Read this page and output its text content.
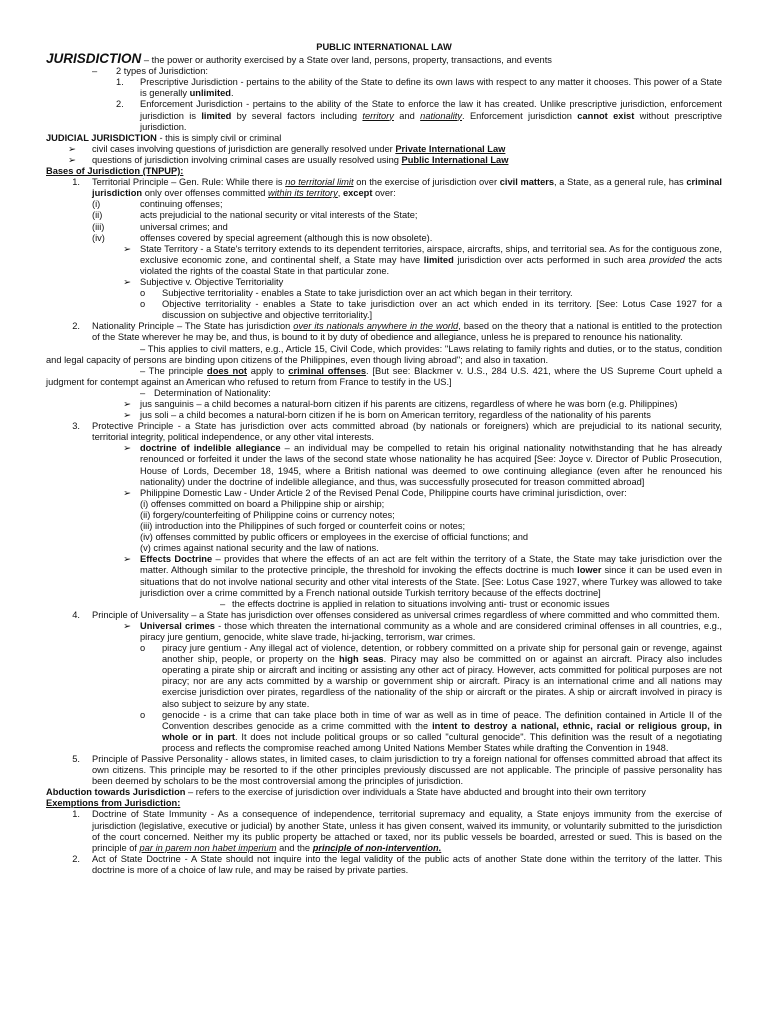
PUBLIC INTERNATIONAL LAW
JURISDICTION – the power or authority exercised by a State over land, persons, property, transactions, and events
– 2 types of Jurisdiction:
1.	Prescriptive Jurisdiction - pertains to the ability of the State to define its own laws with respect to any matter it chooses. This power of a State is generally unlimited.
2.	Enforcement Jurisdiction - pertains to the ability of the State to enforce the law it has created. Unlike prescriptive jurisdiction, enforcement jurisdiction is limited by several factors including territory and nationality. Enforcement jurisdiction cannot exist without prescriptive jurisdiction.
JUDICIAL JURISDICTION - this is simply civil or criminal
➢	civil cases involving questions of jurisdiction are generally resolved under Private International Law
➢	questions of jurisdiction involving criminal cases are usually resolved using Public International Law
Bases of Jurisdiction (TNPUP):
1. Territorial Principle – Gen. Rule: While there is no territorial limit on the exercise of jurisdiction over civil matters, a State, as a general rule, has criminal jurisdiction only over offenses committed within its territory, except over:
(i)	continuing offenses;
(ii)	acts prejudicial to the national security or vital interests of the State;
(iii)	universal crimes; and
(iv)	offenses covered by special agreement (although this is now obsolete).
➢ State Territory - a State's territory extends to its dependent territories, airspace, aircrafts, ships, and territorial sea. As for the contiguous zone, exclusive economic zone, and continental shelf, a State may have limited jurisdiction over acts performed in such area provided the acts violated the rights of the coastal State in that particular zone.
➢ Subjective v. Objective Territoriality
o	Subjective territoriality - enables a State to take jurisdiction over an act which began in their territory.
o	Objective territoriality - enables a State to take jurisdiction over an act which ended in its territory. [See: Lotus Case 1927 for a discussion on subjective and objective territoriality.]
2. Nationality Principle – The State has jurisdiction over its nationals anywhere in the world, based on the theory that a national is entitled to the protection of the State wherever he may be, and thus, is bound to it by duty of obedience and allegiance, unless he is prepared to renounce his nationality.
– This applies to civil matters, e.g., Article 15, Civil Code, which provides: "Laws relating to family rights and duties, or to the status, condition and legal capacity of persons are binding upon citizens of the Philippines, even though living abroad"; and also in taxation.
– The principle does not apply to criminal offenses. [But see: Blackmer v. U.S., 284 U.S. 421, where the US Supreme Court upheld a judgment for contempt against an American who refused to return from France to testify in the US.]
– Determination of Nationality:
➢ jus sanguinis – a child becomes a natural-born citizen if his parents are citizens, regardless of where he was born (e.g. Philippines)
➢ jus soli – a child becomes a natural-born citizen if he is born on American territory, regardless of the nationality of his parents
3. Protective Principle - a State has jurisdiction over acts committed abroad (by nationals or foreigners) which are prejudicial to its national security, territorial integrity, political independence, or any other vital interests.
➢ doctrine of indelible allegiance – an individual may be compelled to retain his original nationality notwithstanding that he has already renounced or forfeited it under the laws of the second state whose nationality he has acquired [See: Joyce v. Director of Public Prosecution, House of Lords, December 18, 1945, where a British national was deemed to owe continuing allegiance (even after he renounced his nationality) under the doctrine of indelible allegiance, and thus, was successfully prosecuted for treason committed abroad]
➢ Philippine Domestic Law - Under Article 2 of the Revised Penal Code, Philippine courts have criminal jurisdiction, over:
(i) offenses committed on board a Philippine ship or airship;
(ii) forgery/counterfeiting of Philippine coins or currency notes;
(iii) introduction into the Philippines of such forged or counterfeit coins or notes;
(iv) offenses committed by public officers or employees in the exercise of official functions; and
(v) crimes against national security and the law of nations.
➢ Effects Doctrine – provides that where the effects of an act are felt within the territory of a State, the State may take jurisdiction over the matter. Although similar to the protective principle, the threshold for invoking the effects doctrine is much lower since it can be used even in situations that do not involve national security and other vital interests of the State. [See: Lotus Case 1927, where Turkey was allowed to take jurisdiction over a crime committed by a French national outside Turkish territory because of the effects doctrine]
– the effects doctrine is applied in relation to situations involving anti- trust or economic issues
4. Principle of Universality – a State has jurisdiction over offenses considered as universal crimes regardless of where committed and who committed them.
➢ Universal crimes - those which threaten the international community as a whole and are considered criminal offenses in all countries, e.g., piracy jure gentium, genocide, white slave trade, hi-jacking, terrorism, war crimes.
o	piracy jure gentium - Any illegal act of violence, detention, or robbery committed on a private ship for personal gain or revenge, against another ship, people, or property on the high seas. Piracy may also be committed on or against an aircraft. Piracy also includes operating a pirate ship or aircraft and inciting or assisting any other act of piracy. However, acts committed for political purposes are not piracy; nor are any acts committed by a warship or government ship or aircraft. Piracy is an international crime and all nations may exercise jurisdiction over pirates, regardless of the nationality of the ship or aircraft or the pirates. A ship or aircraft involved in piracy is also subject to seizure by any state.
o	genocide - is a crime that can take place both in time of war as well as in time of peace. The definition contained in Article II of the Convention describes genocide as a crime committed with the intent to destroy a national, ethnic, racial or religious group, in whole or in part. It does not include political groups or so called "cultural genocide". This definition was the result of a negotiating process and reflects the compromise reached among United Nations Member States while drafting the Convention in 1948.
5. Principle of Passive Personality - allows states, in limited cases, to claim jurisdiction to try a foreign national for offenses committed abroad that affect its own citizens. This principle may be resorted to if the other principles previously discussed are not applicable. The principle of passive personality has been deemed by scholars to be the most controversial among the principles of jurisdiction.
Abduction towards Jurisdiction – refers to the exercise of jurisdiction over individuals a State have abducted and brought into their own territory
Exemptions from Jurisdiction:
1. Doctrine of State Immunity - As a consequence of independence, territorial supremacy and equality, a State enjoys immunity from the exercise of jurisdiction (legislative, executive or judicial) by another State, unless it has given consent, waived its immunity, or voluntarily submitted to the jurisdiction of the court concerned. Neither my its public property be attached or taxed, nor its public vessels be boarded, arrested or sued. This is based on the principle of par in parem non habet imperium and the principle of non-intervention.
2. Act of State Doctrine - A State should not inquire into the legal validity of the public acts of another State done within the territory of the latter. This doctrine is more of a choice of law rule, and may be raised by private parties.
